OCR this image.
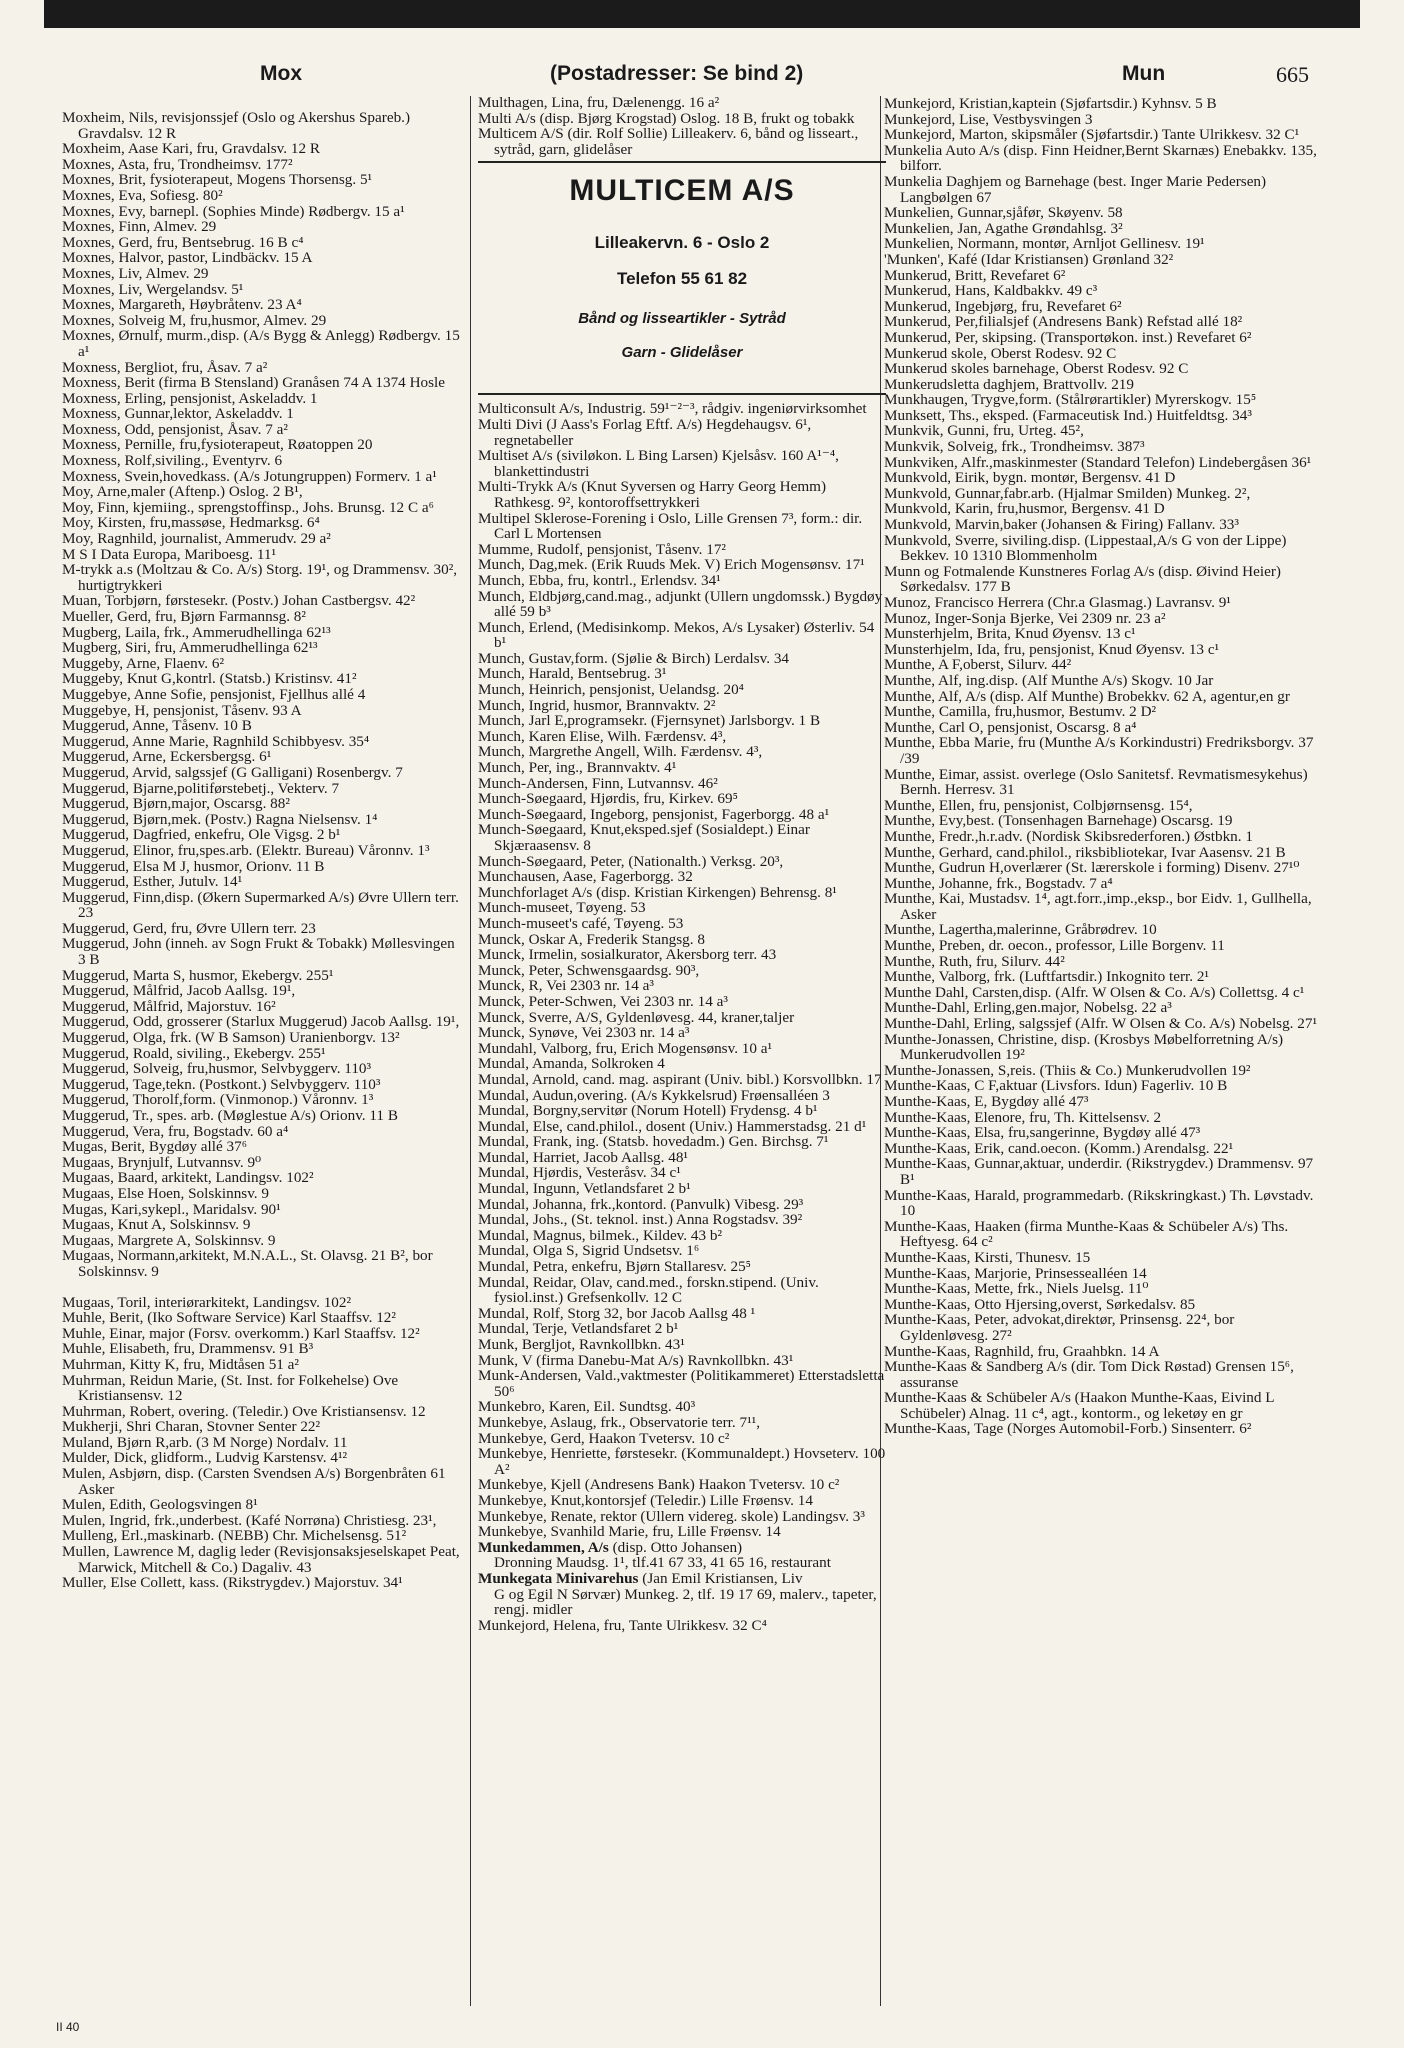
Mox	(Postadresser: Se bind 2)	Mun	665
Moxheim, Nils, revisjonssjef (Oslo og Akershus Spareb.) Gravdalsv. 12 R
Moxheim, Aase Kari, fru, Gravdalsv. 12 R
Moxnes, Asta, fru, Trondheimsv. 177²
Moxnes, Brit, fysioterapeut, Mogens Thorsensg. 5¹
Moxnes, Eva, Sofiesg. 80²
Moxnes, Evy, barnepl. (Sophies Minde) Rødbergv. 15 a¹
Moxnes, Finn, Almev. 29
Moxnes, Gerd, fru, Bentsebrug. 16 B c⁴
Moxnes, Halvor, pastor, Lindbäckv. 15 A
Moxnes, Liv, Almev. 29
Moxnes, Liv, Wergelandsv. 5¹
Moxnes, Margareth, Høybråtenv. 23 A⁴
Moxnes, Solveig M, fru,husmor, Almev. 29
Moxnes, Ørnulf, murm.,disp. (A/s Bygg & Anlegg) Rødbergv. 15 a¹
Moxness, Bergliot, fru, Åsav. 7 a²
Moxness, Berit (firma B Stensland) Granåsen 74 A 1374 Hosle
Moxness, Erling, pensjonist, Askeladdv. 1
Moxness, Gunnar,lektor, Askeladdv. 1
Moxness, Odd, pensjonist, Åsav. 7 a²
Moxness, Pernille, fru,fysioterapeut, Røatoppen 20
Moxness, Rolf,siviling., Eventyrv. 6
Moxness, Svein,hovedkass. (A/s Jotungruppen) Formerv. 1 a¹
Moy, Arne,maler (Aftenp.) Oslog. 2 B¹,
Moy, Finn, kjemiing., sprengstoffinsp., Johs. Brunsg. 12 C a⁶
Moy, Kirsten, fru,massøse, Hedmarksg. 6⁴
Moy, Ragnhild, journalist, Ammerudv. 29 a²
M S I Data Europa, Mariboesg. 11¹
M-trykk a.s (Moltzau & Co. A/s) Storg. 19¹, og Drammensv. 30², hurtigtrykkeri
Muan, Torbjørn, førstesekr. (Postv.) Johan Castbergsv. 42²
Mueller, Gerd, fru, Bjørn Farmannsg. 8²
Mugberg, Laila, frk., Ammerudhellinga 62¹³
Mugberg, Siri, fru, Ammerudhellinga 62¹³
Muggeby, Arne, Flaenv. 6²
Muggeby, Knut G,kontrl. (Statsb.) Kristinsv. 41²
Muggebye, Anne Sofie, pensjonist, Fjellhus allé 4
Muggebye, H, pensjonist, Tåsenv. 93 A
Muggerud, Anne, Tåsenv. 10 B
Muggerud, Anne Marie, Ragnhild Schibbyesv. 35⁴
Muggerud, Arne, Eckersbergsg. 6¹
Muggerud, Arvid, salgssjef (G Galligani) Rosenbergv. 7
Muggerud, Bjarne,politiførstebetj., Vekterv. 7
Muggerud, Bjørn,major, Oscarsg. 88²
Muggerud, Bjørn,mek. (Postv.) Ragna Nielsensv. 1⁴
Muggerud, Dagfried, enkefru, Ole Vigsg. 2 b¹
Muggerud, Elinor, fru,spes.arb. (Elektr. Bureau) Våronnv. 1³
Muggerud, Elsa M J, husmor, Orionv. 11 B
Muggerud, Esther, Jutulv. 14¹
Muggerud, Finn,disp. (Økern Supermarked A/s) Øvre Ullern terr. 23
Muggerud, Gerd, fru, Øvre Ullern terr. 23
Muggerud, John (inneh. av Sogn Frukt & Tobakk) Møllesvingen 3 B
Muggerud, Marta S, husmor, Ekebergv. 255¹
Muggerud, Målfrid, Jacob Aallsg. 19¹,
Muggerud, Målfrid, Majorstuv. 16²
Muggerud, Odd, grosserer (Starlux Muggerud) Jacob Aallsg. 19¹,
Muggerud, Olga, frk. (W B Samson) Uranienborgv. 13²
Muggerud, Roald, siviling., Ekebergv. 255¹
Muggerud, Solveig, fru,husmor, Selvbyggerv. 110³
Muggerud, Tage,tekn. (Postkont.) Selvbyggerv. 110³
Muggerud, Thorolf,form. (Vinmonop.) Våronnv. 1³
Muggerud, Tr., spes. arb. (Møglestue A/s) Orionv. 11 B
Muggerud, Vera, fru, Bogstadv. 60 a⁴
Mugas, Berit, Bygdøy allé 37⁶
Mugaas, Brynjulf, Lutvannsv. 9⁰
Mugaas, Baard, arkitekt, Landingsv. 102²
Mugaas, Else Hoen, Solskinnsv. 9
Mugas, Kari,sykepl., Maridalsv. 90¹
Mugaas, Knut A, Solskinnsv. 9
Mugaas, Margrete A, Solskinnsv. 9
Mugaas, Normann,arkitekt, M.N.A.L., St. Olavsg. 21 B², bor Solskinnsv. 9
Mugaas, Toril, interiørarkitekt, Landingsv. 102²
Muhle, Berit, (Iko Software Service) Karl Staaffsv. 12²
Muhle, Einar, major (Forsv. overkomm.) Karl Staaffsv. 12²
Muhle, Elisabeth, fru, Drammensv. 91 B³
Muhrman, Kitty K, fru, Midtåsen 51 a²
Muhrman, Reidun Marie, (St. Inst. for Folkehelse) Ove Kristiansensv. 12
Muhrman, Robert, overing. (Teledir.) Ove Kristiansensv. 12
Mukherji, Shri Charan, Stovner Senter 22²
Muland, Bjørn R,arb. (3 M Norge) Nordalv. 11
Mulder, Dick, glidform., Ludvig Karstensv. 4¹²
Mulen, Asbjørn, disp. (Carsten Svendsen A/s) Borgenbråten 61 Asker
Mulen, Edith, Geologsvingen 8¹
Mulen, Ingrid, frk.,underbest. (Kafé Norrøna) Christiesg. 23¹,
Mulleng, Erl.,maskinarb. (NEBB) Chr. Michelsensg. 51²
Mullen, Lawrence M, daglig leder (Revisjonsaksjeselskapet Peat, Marwick, Mitchell & Co.) Dagaliv. 43
Muller, Else Collett, kass. (Rikstrygdev.) Majorstuv. 34¹
Multhagen, Lina, fru, Dælenengg. 16 a²
Multi A/s (disp. Bjørg Krogstad) Oslog. 18 B, frukt og tobakk
Multicem A/S (dir. Rolf Sollie) Lilleakerv. 6, bånd og lisseart., sytråd, garn, glidelåser
MULTICEM A/S
Lilleakervn. 6 - Oslo 2
Telefon 55 61 82
Bånd og lisseartikler - Sytråd
Garn - Glidelåser
Multiconsult A/s, Industrig. 59¹⁻²⁻³, rådgiv. ingeniørvirksomhet
Multi Divi (J Aass's Forlag Eftf. A/s) Hegdehaugsv. 6¹, regnetabeller
Multiset A/s (siviløkon. L Bing Larsen) Kjelsåsv. 160 A¹⁻⁴, blankettindustri
Multi-Trykk A/s (Knut Syversen og Harry Georg Hemm) Rathkesg. 9², kontoroffsettrykkeri
Multipel Sklerose-Forening i Oslo, Lille Grensen 7³, form.: dir. Carl L Mortensen
Mumme, Rudolf, pensjonist, Tåsenv. 17²
Munch, Dag,mek. (Erik Ruuds Mek. V) Erich Mogensønsv. 17¹
Munch, Ebba, fru, kontrl., Erlendsv. 34¹
Munch, Eldbjørg,cand.mag., adjunkt (Ullern ungdomssk.) Bygdøy allé 59 b³
Munch, Erlend, (Medisinkomp. Mekos, A/s Lysaker) Østerliv. 54 b¹
Munch, Gustav,form. (Sjølie & Birch) Lerdalsv. 34
Munch, Harald, Bentsebrug. 3¹
Munch, Heinrich, pensjonist, Uelandsg. 20⁴
Munch, Ingrid, husmor, Brannvaktv. 2²
Munch, Jarl E,programsekr. (Fjernsynet) Jarlsborgv. 1 B
Munch, Karen Elise, Wilh. Færdensv. 4³,
Munch, Margrethe Angell, Wilh. Færdensv. 4³,
Munch, Per, ing., Brannvaktv. 4¹
Munch-Andersen, Finn, Lutvannsv. 46²
Munch-Søegaard, Hjørdis, fru, Kirkev. 69⁵
Munch-Søegaard, Ingeborg, pensjonist, Fagerborgg. 48 a¹
Munch-Søegaard, Knut,eksped.sjef (Sosialdept.) Einar Skjæraasensv. 8
Munch-Søegaard, Peter, (Nationalth.) Verksg. 20³,
Munchausen, Aase, Fagerborgg. 32
Munchforlaget A/s (disp. Kristian Kirkengen) Behrensg. 8¹
Munch-museet, Tøyeng. 53
Munch-museet's café, Tøyeng. 53
Munck, Oskar A, Frederik Stangsg. 8
Munck, Irmelin, sosialkurator, Akersborg terr. 43
Munck, Peter, Schwensgaardsg. 90³,
Munck, R, Vei 2303 nr. 14 a³
Munck, Peter-Schwen, Vei 2303 nr. 14 a³
Munck, Sverre, A/S, Gyldenløvesg. 44, kraner,taljer
Munck, Synøve, Vei 2303 nr. 14 a³
Mundahl, Valborg, fru, Erich Mogensønsv. 10 a¹
Mundal, Amanda, Solkroken 4
Mundal, Arnold, cand. mag. aspirant (Univ. bibl.) Korsvollbkn. 17
Mundal, Audun,overing. (A/s Kykkelsrud) Frøensalléen 3
Mundal, Borgny,servitør (Norum Hotell) Frydensg. 4 b¹
Mundal, Else, cand.philol., dosent (Univ.) Hammerstadsg. 21 d¹
Mundal, Frank, ing. (Statsb. hovedadm.) Gen. Birchsg. 7¹
Mundal, Harriet, Jacob Aallsg. 48¹
Mundal, Hjørdis, Vesteråsv. 34 c¹
Mundal, Ingunn, Vetlandsfaret 2 b¹
Mundal, Johanna, frk.,kontord. (Panvulk) Vibesg. 29³
Mundal, Johs., (St. teknol. inst.) Anna Rogstadsv. 39²
Mundal, Magnus, bilmek., Kildev. 43 b²
Mundal, Olga S, Sigrid Undsetsv. 1⁶
Mundal, Petra, enkefru, Bjørn Stallaresv. 25⁵
Mundal, Reidar, Olav, cand.med., forskn.stipend. (Univ. fysiol.inst.) Grefsenkollv. 12 C
Mundal, Rolf, Storg 32, bor Jacob Aallsg 48 ¹
Mundal, Terje, Vetlandsfaret 2 b¹
Munk, Bergljot, Ravnkollbkn. 43¹
Munk, V (firma Danebu-Mat A/s) Ravnkollbkn. 43¹
Munk-Andersen, Vald.,vaktmester (Politikammeret) Etterstadsletta 50⁶
Munkebro, Karen, Eil. Sundtsg. 40³
Munkebye, Aslaug, frk., Observatorie terr. 7¹¹,
Munkebye, Gerd, Haakon Tvetersv. 10 c²
Munkebye, Henriette, førstesekr. (Kommunaldept.) Hovseterv. 100 A²
Munkebye, Kjell (Andresens Bank) Haakon Tvetersv. 10 c²
Munkebye, Knut,kontorsjef (Teledir.) Lille Frøensv. 14
Munkebye, Renate, rektor (Ullern videreg. skole) Landingsv. 3³
Munkebye, Svanhild Marie, fru, Lille Frøensv. 14
Munkedammen, A/s (disp. Otto Johansen)
Dronning Maudsg. 1¹, tlf.41 67 33, 41 65 16, restaurant
Munkegata Minivarehus (Jan Emil Kristiansen, Liv
G og Egil N Sørvær) Munkeg. 2, tlf. 19 17 69, malerv., tapeter, rengj. midler
Munkejord, Helena, fru, Tante Ulrikkesv. 32 C⁴
Munkejord, Kristian,kaptein (Sjøfartsdir.) Kyhnsv. 5 B
Munkejord, Lise, Vestbysvingen 3
Munkejord, Marton, skipsmåler (Sjøfartsdir.) Tante Ulrikkesv. 32 C¹
Munkelia Auto A/s (disp. Finn Heidner,Bernt Skarnæs) Enebakkv. 135, bilforr.
Munkelia Daghjem og Barnehage (best. Inger Marie Pedersen) Langbølgen 67
Munkelien, Gunnar,sjåfør, Skøyenv. 58
Munkelien, Jan, Agathe Grøndahlsg. 3²
Munkelien, Normann, montør, Arnljot Gellinesv. 19¹
'Munken', Kafé (Idar Kristiansen) Grønland 32²
Munkerud, Britt, Revefaret 6²
Munkerud, Hans, Kaldbakkv. 49 c³
Munkerud, Ingebjørg, fru, Revefaret 6²
Munkerud, Per,filialsjef (Andresens Bank) Refstad allé 18²
Munkerud, Per, skipsing. (Transportøkon. inst.) Revefaret 6²
Munkerud skole, Oberst Rodesv. 92 C
Munkerud skoles barnehage, Oberst Rodesv. 92 C
Munkerudsletta daghjem, Brattvollv. 219
Munkhaugen, Trygve,form. (Stålrørartikler) Myrerskogv. 15⁵
Munksett, Ths., eksped. (Farmaceutisk Ind.) Huitfeldtsg. 34³
Munkvik, Gunni, fru, Urteg. 45²,
Munkvik, Solveig, frk., Trondheimsv. 387³
Munkviken, Alfr.,maskinmester (Standard Telefon) Lindebergåsen 36¹
Munkvold, Eirik, bygn. montør, Bergensv. 41 D
Munkvold, Gunnar,fabr.arb. (Hjalmar Smilden) Munkeg. 2²,
Munkvold, Karin, fru,husmor, Bergensv. 41 D
Munkvold, Marvin,baker (Johansen & Firing) Fallanv. 33³
Munkvold, Sverre, siviling.disp. (Lippestaal,A/s G von der Lippe) Bekkev. 10 1310 Blommenholm
Munn og Fotmalende Kunstneres Forlag A/s (disp. Øivind Heier) Sørkedalsv. 177 B
Munoz, Francisco Herrera (Chr.a Glasmag.) Lavransv. 9¹
Munoz, Inger-Sonja Bjerke, Vei 2309 nr. 23 a²
Munsterhjelm, Brita, Knud Øyensv. 13 c¹
Munsterhjelm, Ida, fru, pensjonist, Knud Øyensv. 13 c¹
Munthe, A F,oberst, Silurv. 44²
Munthe, Alf, ing.disp. (Alf Munthe A/s) Skogv. 10 Jar
Munthe, Alf, A/s (disp. Alf Munthe) Brobekkv. 62 A, agentur,en gr
Munthe, Camilla, fru,husmor, Bestumv. 2 D²
Munthe, Carl O, pensjonist, Oscarsg. 8 a⁴
Munthe, Ebba Marie, fru (Munthe A/s Korkindustri) Fredriksborgv. 37 /39
Munthe, Eimar, assist. overlege (Oslo Sanitetsf. Revmatismesykehus) Bernh. Herresv. 31
Munthe, Ellen, fru, pensjonist, Colbjørnsensg. 15⁴,
Munthe, Evy,best. (Tonsenhagen Barnehage) Oscarsg. 19
Munthe, Fredr.,h.r.adv. (Nordisk Skibsrederforen.) Østbkn. 1
Munthe, Gerhard, cand.philol., riksbibliotekar, Ivar Aasensv. 21 B
Munthe, Gudrun H,overlærer (St. lærerskole i forming) Disenv. 27¹⁰
Munthe, Johanne, frk., Bogstadv. 7 a⁴
Munthe, Kai, Mustadsv. 1⁴, agt.forr.,imp.,eksp., bor Eidv. 1, Gullhella, Asker
Munthe, Lagertha,malerinne, Gråbrødrev. 10
Munthe, Preben, dr. oecon., professor, Lille Borgenv. 11
Munthe, Ruth, fru, Silurv. 44²
Munthe, Valborg, frk. (Luftfartsdir.) Inkognito terr. 2¹
Munthe Dahl, Carsten,disp. (Alfr. W Olsen & Co. A/s) Collettsg. 4 c¹
Munthe-Dahl, Erling,gen.major, Nobelsg. 22 a³
Munthe-Dahl, Erling, salgssjef (Alfr. W Olsen & Co. A/s) Nobelsg. 27¹
Munthe-Jonassen, Christine, disp. (Krosbys Møbelforretning A/s) Munkerudvollen 19²
Munthe-Jonassen, S,reis. (Thiis & Co.) Munkerudvollen 19²
Munthe-Kaas, C F,aktuar (Livsfors. Idun) Fagerliv. 10 B
Munthe-Kaas, E, Bygdøy allé 47³
Munthe-Kaas, Elenore, fru, Th. Kittelsensv. 2
Munthe-Kaas, Elsa, fru,sangerinne, Bygdøy allé 47³
Munthe-Kaas, Erik, cand.oecon. (Komm.) Arendalsg. 22¹
Munthe-Kaas, Gunnar,aktuar, underdir. (Rikstrygdev.) Drammensv. 97 B¹
Munthe-Kaas, Harald, programmedarb. (Rikskringkast.) Th. Løvstadv. 10
Munthe-Kaas, Haaken (firma Munthe-Kaas & Schübeler A/s) Ths. Heftyesg. 64 c²
Munthe-Kaas, Kirsti, Thunesv. 15
Munthe-Kaas, Marjorie, Prinsessealléen 14
Munthe-Kaas, Mette, frk., Niels Juelsg. 11⁰
Munthe-Kaas, Otto Hjersing,overst, Sørkedalsv. 85
Munthe-Kaas, Peter, advokat,direktør, Prinsensg. 22⁴, bor Gyldenløvesg. 27²
Munthe-Kaas, Ragnhild, fru, Graahbkn. 14 A
Munthe-Kaas & Sandberg A/s (dir. Tom Dick Røstad) Grensen 15⁶, assuranse
Munthe-Kaas & Schübeler A/s (Haakon Munthe-Kaas, Eivind L Schübeler) Alnag. 11 c⁴, agt., kontorm., og leketøy en gr
Munthe-Kaas, Tage (Norges Automobil-Forb.) Sinsenterr. 6²
II 40
